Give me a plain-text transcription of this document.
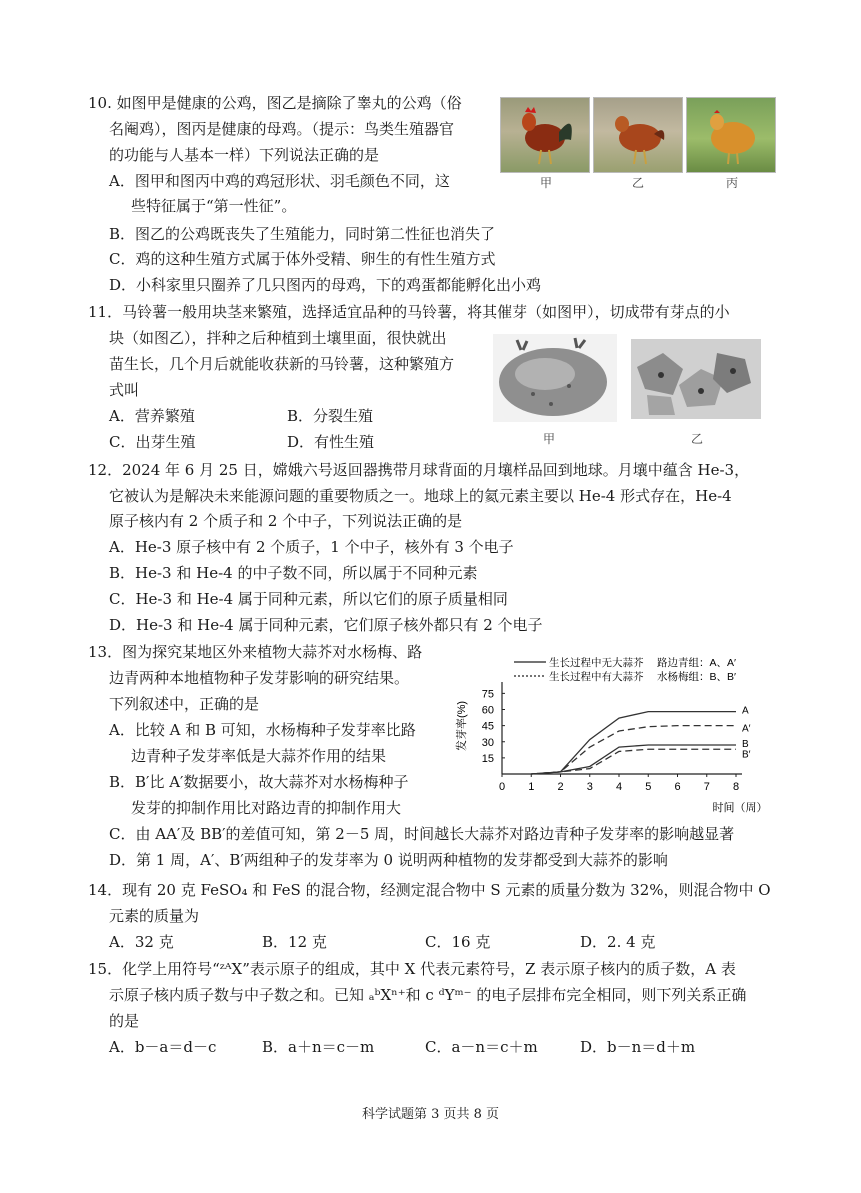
10. 如图甲是健康的公鸡，图乙是摘除了睾丸的公鸡（俗
名阉鸡），图丙是健康的母鸡。（提示：鸟类生殖器官
的功能与人基本一样）下列说法正确的是
A．图甲和图丙中鸡的鸡冠形状、羽毛颜色不同，这
些特征属于“第一性征”。
B．图乙的公鸡既丧失了生殖能力，同时第二性征也消失了
C．鸡的这种生殖方式属于体外受精、卵生的有性生殖方式
D．小科家里只圈养了几只图丙的母鸡，下的鸡蛋都能孵化出小鸡
甲	乙	丙
11．马铃薯一般用块茎来繁殖，选择适宜品种的马铃薯，将其催芽（如图甲），切成带有芽点的小
块（如图乙），拌种之后种植到土壤里面，很快就出
苗生长，几个月后就能收获新的马铃薯，这种繁殖方
式叫
A．营养繁殖	B．分裂生殖
C．出芽生殖	D．有性生殖	甲	乙
12．2024 年 6 月 25 日，嫦娥六号返回器携带月球背面的月壤样品回到地球。月壤中蕴含 He-3，
它被认为是解决未来能源问题的重要物质之一。地球上的氦元素主要以 He-4 形式存在，He-4
原子核内有 2 个质子和 2 个中子，下列说法正确的是
A．He-3 原子核中有 2 个质子，1 个中子，核外有 3 个电子
B．He-3 和 He-4 的中子数不同，所以属于不同种元素
C．He-3 和 He-4 属于同种元素，所以它们的原子质量相同
D．He-3 和 He-4 属于同种元素，它们原子核外都只有 2 个电子
13．图为探究某地区外来植物大蒜芥对水杨梅、路
边青两种本地植物种子发芽影响的研究结果。
下列叙述中，正确的是
A．比较 A 和 B 可知，水杨梅种子发芽率比路
边青种子发芽率低是大蒜芥作用的结果
B．B′比 A′数据要小，故大蒜芥对水杨梅种子
发芽的抑制作用比对路边青的抑制作用大
C．由 AA′及 BB′的差值可知，第 2－5 周，时间越长大蒜芥对路边青种子发芽率的影响越显著
D．第 1 周，A′、B′两组种子的发芽率为 0 说明两种植物的发芽都受到大蒜芥的影响
生长过程中无大蒜芥 路边青组：A、A′
生长过程中有大蒜芥 水杨梅组：B、B′
发芽率(%)
时间（周）
0 1 2 3 4 5 6 7 8
15
30
45
60
75
A
A′
B
B′
14．现有 20 克 FeSO₄ 和 FeS 的混合物，经测定混合物中 S 元素的质量分数为 32%，则混合物中 O
元素的质量为
A．32 克	B．12 克	C．16 克	D．2. 4 克
15．化学上用符号“ᶻᴬX”表示原子的组成，其中 X 代表元素符号，Z 表示原子核内的质子数，A 表
示原子核内质子数与中子数之和。已知 ₐᵇXⁿ⁺和 c ᵈYᵐ⁻ 的电子层排布完全相同，则下列关系正确
的是
A．b－a＝d－c	B．a＋n＝c－m	C．a－n＝c＋m	D．b－n＝d＋m
科学试题第 3 页共 8 页
